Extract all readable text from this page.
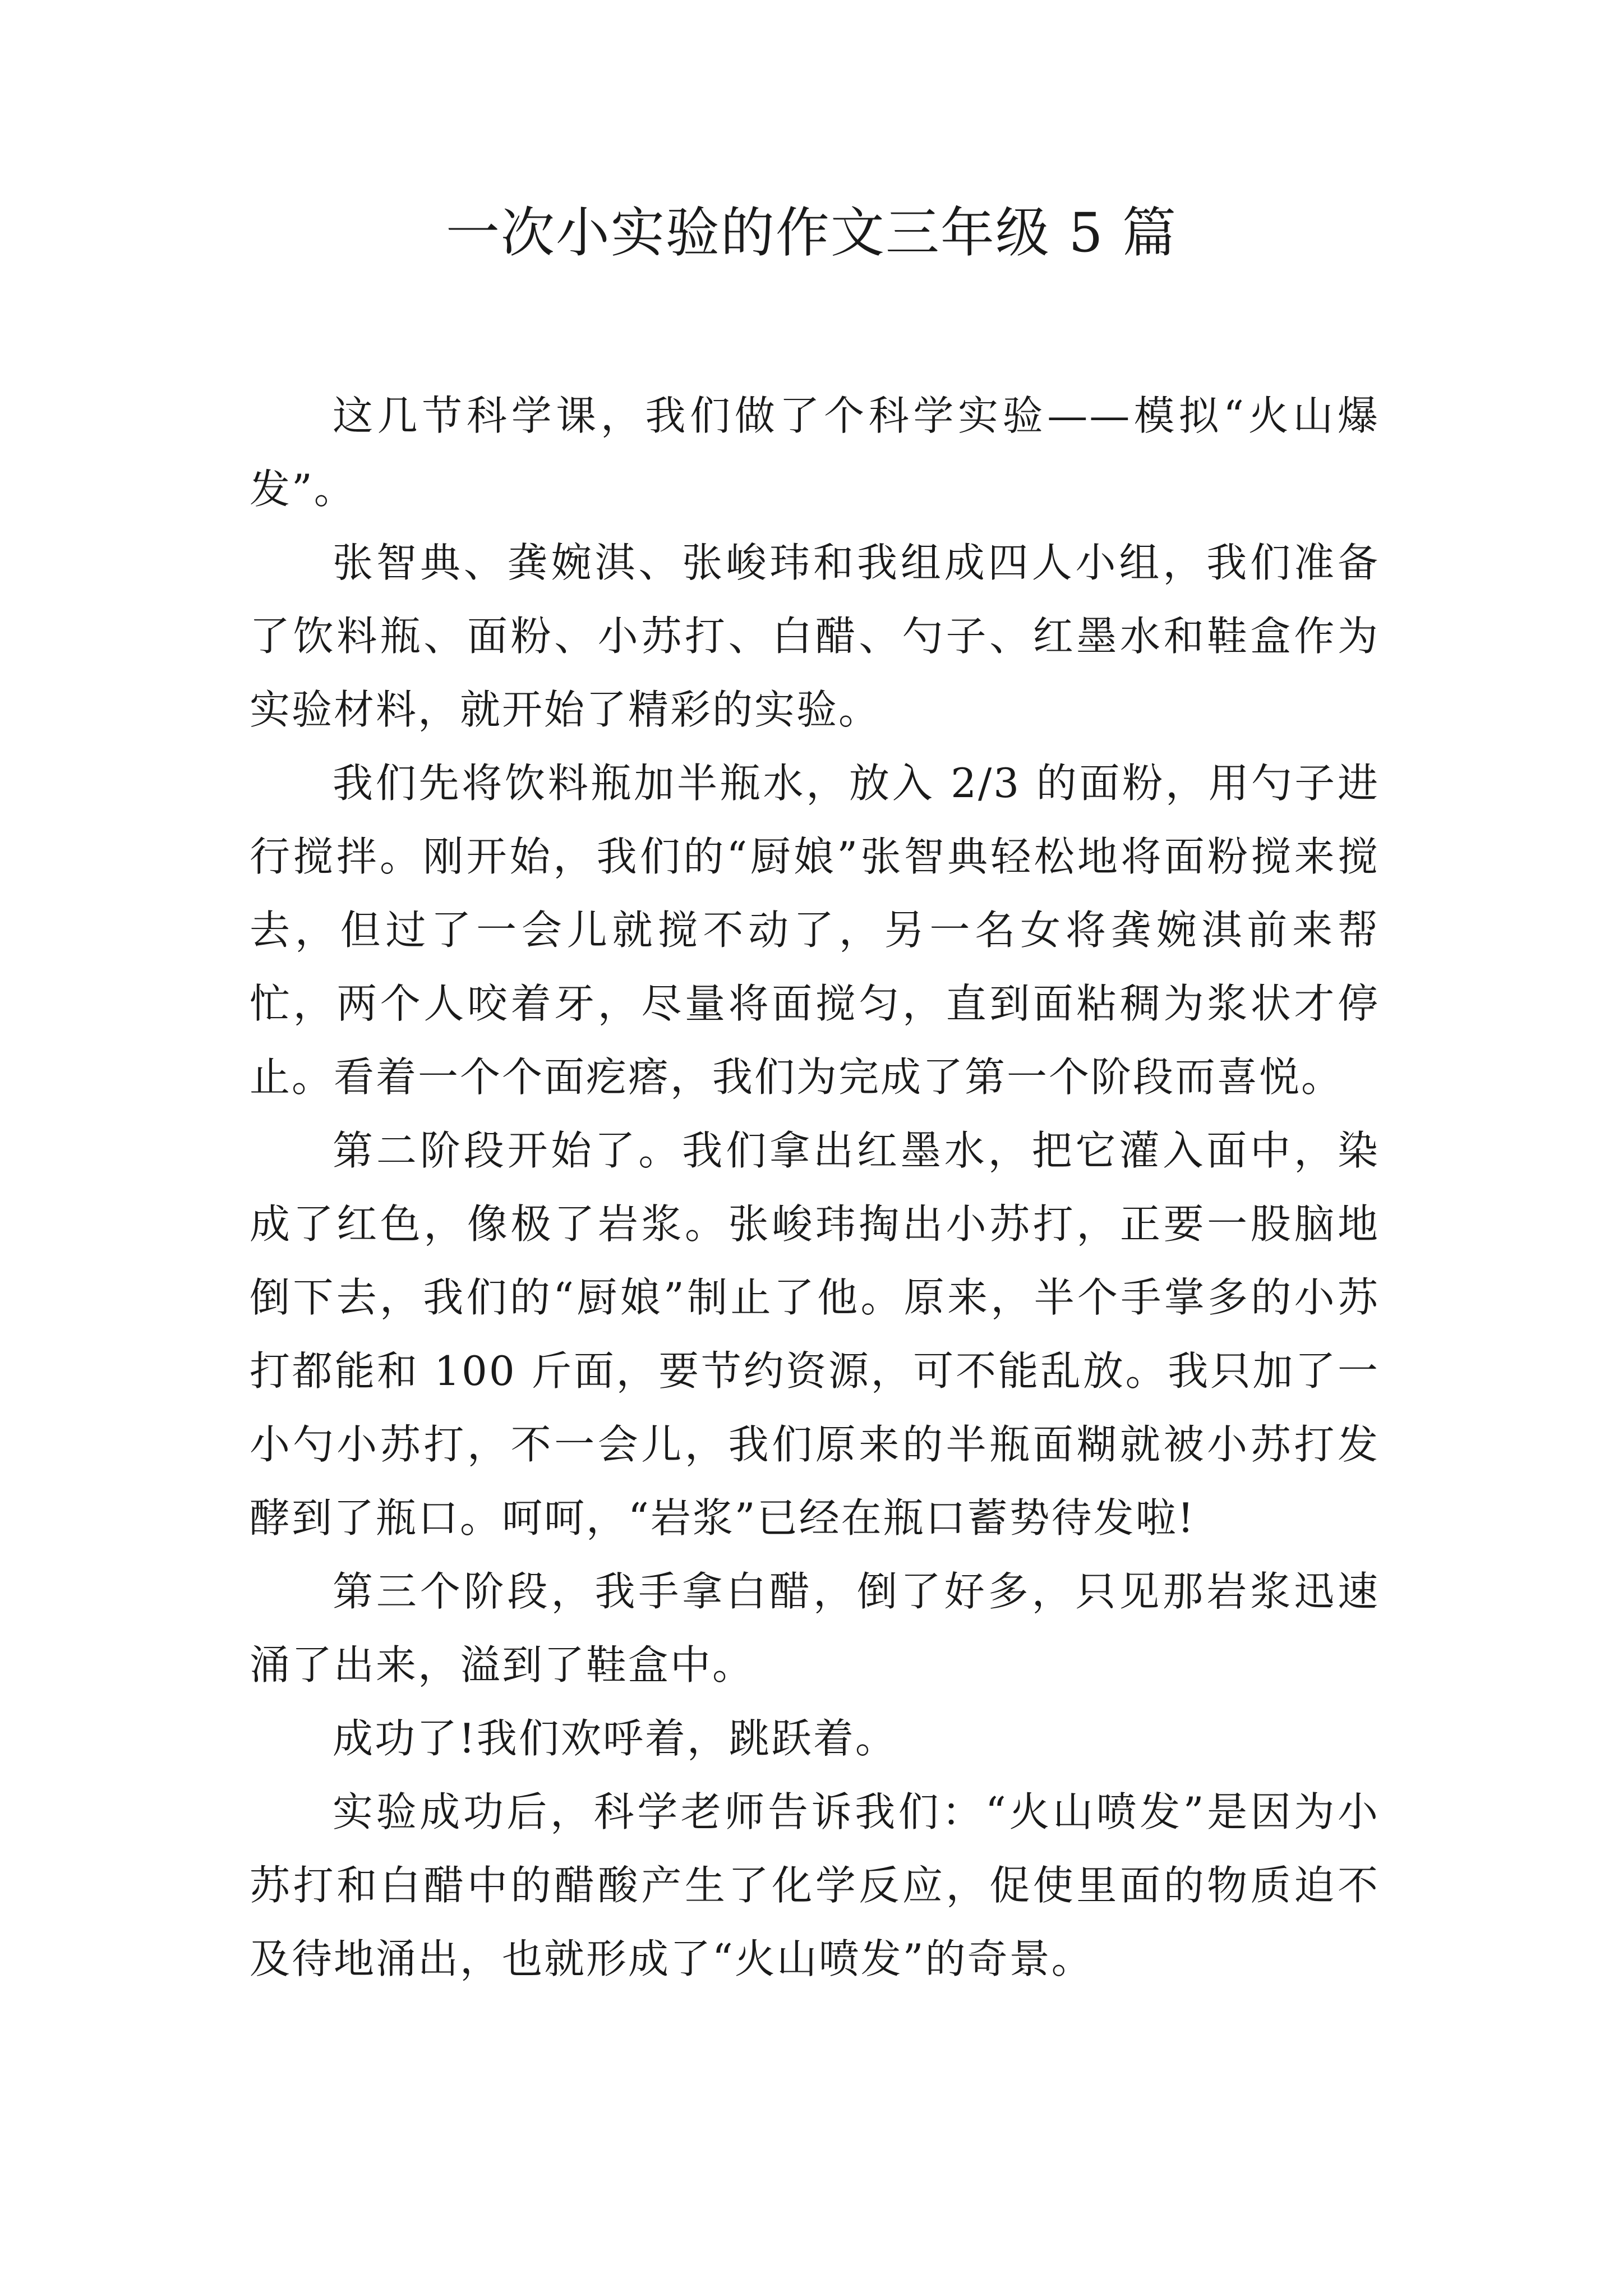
一次小实验的作文三年级 5 篇

这几节科学课，我们做了个科学实验——模拟“火山爆发”。

张智典、龚婉淇、张峻玮和我组成四人小组，我们准备了饮料瓶、面粉、小苏打、白醋、勺子、红墨水和鞋盒作为实验材料，就开始了精彩的实验。

我们先将饮料瓶加半瓶水，放入 2/3 的面粉，用勺子进行搅拌。刚开始，我们的“厨娘”张智典轻松地将面粉搅来搅去，但过了一会儿就搅不动了，另一名女将龚婉淇前来帮忙，两个人咬着牙，尽量将面搅匀，直到面粘稠为浆状才停止。看着一个个面疙瘩，我们为完成了第一个阶段而喜悦。

第二阶段开始了。我们拿出红墨水，把它灌入面中，染成了红色，像极了岩浆。张峻玮掏出小苏打，正要一股脑地倒下去，我们的“厨娘”制止了他。原来，半个手掌多的小苏打都能和 100 斤面，要节约资源，可不能乱放。我只加了一小勺小苏打，不一会儿，我们原来的半瓶面糊就被小苏打发酵到了瓶口。呵呵，“岩浆”已经在瓶口蓄势待发啦!

第三个阶段，我手拿白醋，倒了好多，只见那岩浆迅速涌了出来，溢到了鞋盒中。

成功了!我们欢呼着，跳跃着。

实验成功后，科学老师告诉我们：“火山喷发”是因为小苏打和白醋中的醋酸产生了化学反应，促使里面的物质迫不及待地涌出，也就形成了“火山喷发”的奇景。
